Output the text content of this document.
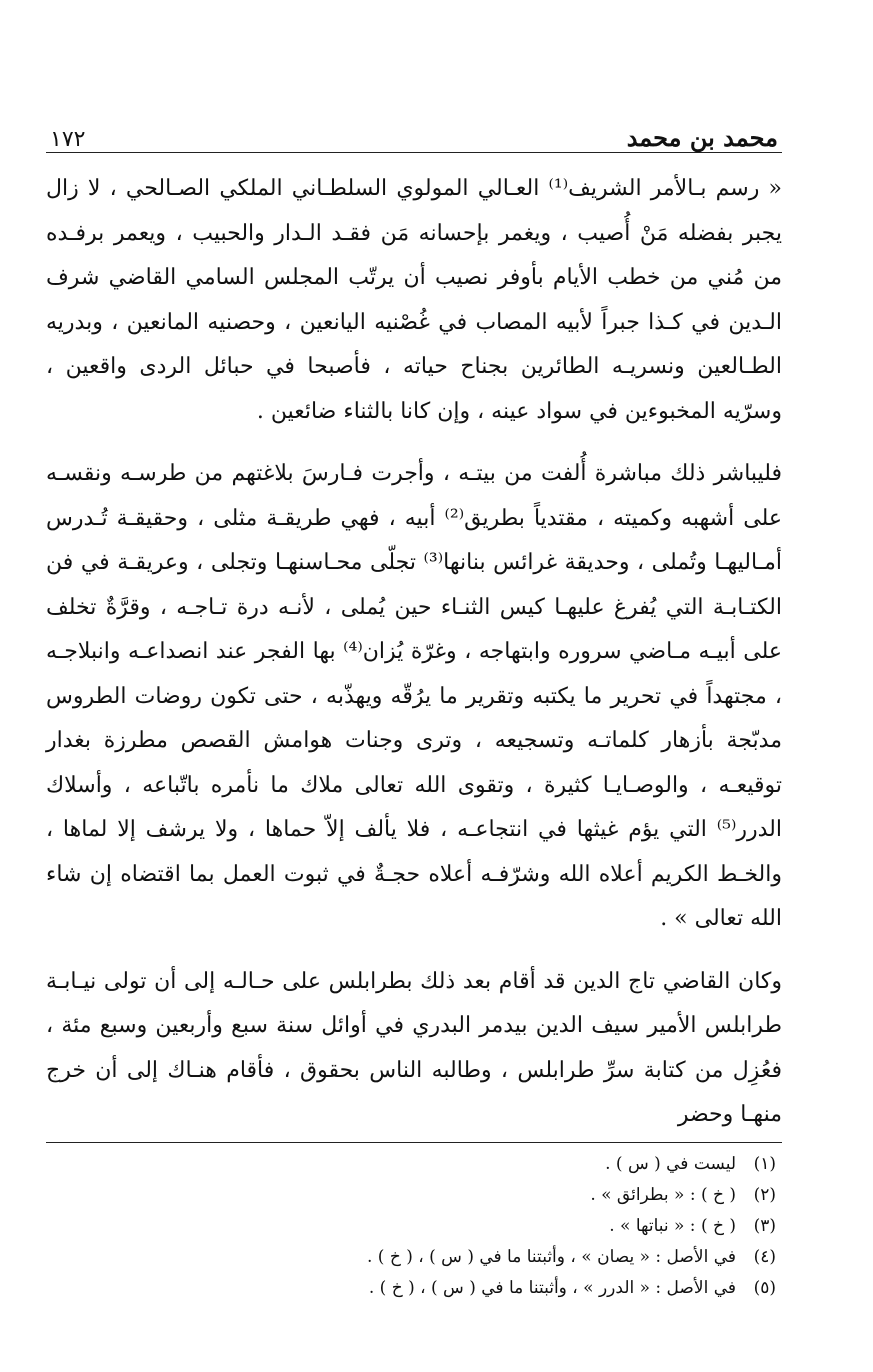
محمد بن محمد
١٧٢

« رسم بـالأمر الشريف⁽¹⁾ العـالي المولوي السلطـاني الملكي الصـالحي ، لا زال يجبر بفضله مَنْ أُصيب ، ويغمر بإحسانه مَن فقـد الـدار والحبيب ، ويعمر برفـده من مُني من خطب الأيام بأوفر نصيب أن يرتّب المجلس السامي القاضي شرف الـدين في كـذا جبراً لأبيه المصاب في غُصْنيه اليانعين ، وحصنيه المانعين ، وبدريه الطـالعين ونسريـه الطائرين بجناح حياته ، فأصبحا في حبائل الردى واقعين ، وسرّيه المخبوءين في سواد عينه ، وإن كانا بالثناء ضائعين .

فليباشر ذلك مباشرة أُلفت من بيتـه ، وأجرت فـارسَ بلاغتهم من طرسـه ونقسـه على أشهبه وكميته ، مقتدياً بطريق⁽²⁾ أبيه ، فهي طريقـة مثلى ، وحقيقـة تُـدرس أمـاليهـا وتُملى ، وحديقة غرائس بنانها⁽³⁾ تجلّى محـاسنهـا وتجلى ، وعريقـة في فن الكتـابـة التي يُفرغ عليهـا كيس الثنـاء حين يُملى ، لأنـه درة تـاجـه ، وقرَّةٌ تخلف على أبيـه مـاضي سروره وابتهاجه ، وغرّة يُزان⁽⁴⁾ بها الفجر عند انصداعـه وانبلاجـه ، مجتهداً في تحرير ما يكتبه وتقرير ما يرُقّه ويهذّبه ، حتى تكون روضات الطروس مدبّجة بأزهار كلماتـه وتسجيعه ، وترى وجنات هوامش القصص مطرزة بغدار توقيعـه ، والوصـايـا كثيرة ، وتقوى الله تعالى ملاك ما نأمره باتّباعه ، وأسلاك الدرر⁽⁵⁾ التي يؤم غيثها في انتجاعـه ، فلا يألف إلاّ حماها ، ولا يرشف إلا لماها ، والخـط الكريم أعلاه الله وشرّفـه أعلاه حجـةٌ في ثبوت العمل بما اقتضاه إن شاء الله تعالى » .

وكان القاضي تاج الدين قد أقام بعد ذلك بطرابلس على حـالـه إلى أن تولى نيـابـة طرابلس الأمير سيف الدين بيدمر البدري في أوائل سنة سبع وأربعين وسبع مئة ، فعُزِل من كتابة سرِّ طرابلس ، وطالبه الناس بحقوق ، فأقام هنـاك إلى أن خرج منهـا وحضر

(١)
ليست في ( س ) .
(٢)
( خ ) : « بطرائق » .
(٣)
( خ ) : « نباتها » .
(٤)
في الأصل : « يصان » ، وأثبتنا ما في ( س ) ، ( خ ) .
(٥)
في الأصل : « الدرر » ، وأثبتنا ما في ( س ) ، ( خ ) .
